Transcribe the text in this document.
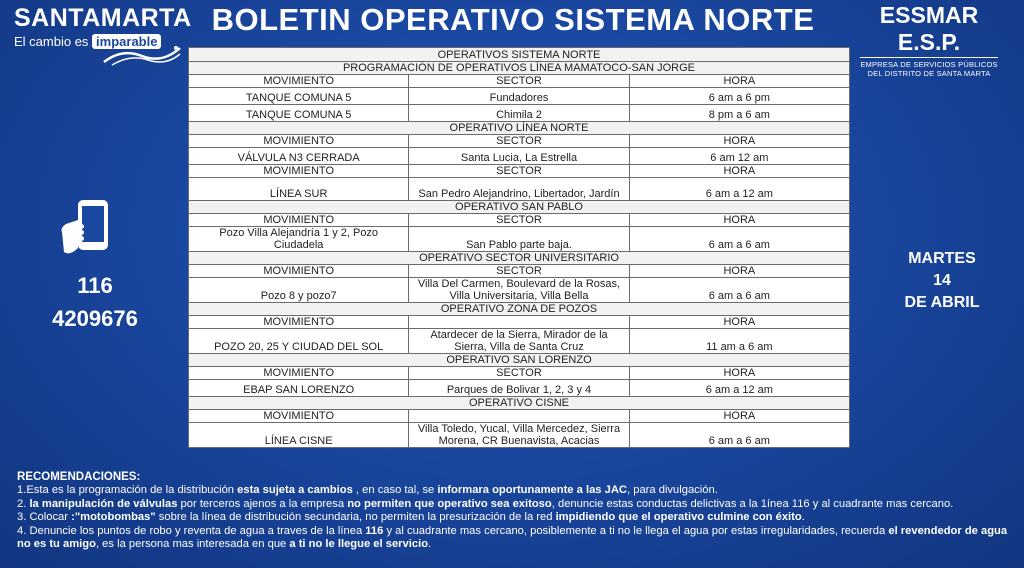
SANTAMARTA
El cambio es imparable
BOLETIN OPERATIVO SISTEMA NORTE	ESSMAR E.S.P.
EMPRESA DE SERVICIOS PÚBLICOS
DEL DISTRITO DE SANTA MARTA
116
4209676
MARTES
14
DE ABRIL
OPERATIVOS SISTEMA NORTE		
PROGRAMACIÓN DE OPERATIVOS LÍNEA MAMATOCO-SAN JORGE		
MOVIMIENTO	SECTOR	HORA
TANQUE COMUNA 5	Fundadores	6 am a 6 pm
TANQUE COMUNA 5	Chimila 2	8 pm a 6 am
OPERATIVO LÍNEA NORTE		
MOVIMIENTO	SECTOR	HORA
VÁLVULA N3 CERRADA	Santa Lucia, La Estrella	6 am 12 am
MOVIMIENTO	SECTOR	HORA
LÍNEA SUR	San Pedro Alejandrino, Libertador, Jardín	6 am a 12 am
OPERATIVO SAN PABLO		
MOVIMIENTO	SECTOR	HORA
Pozo Villa Alejandría 1 y 2, Pozo Ciudadela	San Pablo parte baja.	6 am a 6 am
OPERATIVO SECTOR UNIVERSITARIO		
MOVIMIENTO	SECTOR	HORA
Pozo 8 y pozo7	Villa Del Carmen, Boulevard de la Rosas, Villa Universitaria, Villa Bella	6 am a 6 am
OPERATIVO ZONA DE POZOS		
MOVIMIENTO		HORA
POZO 20, 25 Y CIUDAD DEL SOL	Atardecer de la Sierra, Mirador de la Sierra, Villa de Santa Cruz	11 am a 6 am
OPERATIVO SAN LORENZO		
MOVIMIENTO	SECTOR	HORA
EBAP SAN LORENZO	Parques de Bolivar 1, 2, 3 y 4	6 am a 12 am
OPERATIVO CISNE		
MOVIMIENTO		HORA
LÍNEA CISNE	Villa Toledo, Yucal, Villa Mercedez, Sierra Morena, CR Buenavista, Acacias	6 am a 6 am
RECOMENDACIONES:

1.Esta es la programación de la distribución esta sujeta a cambios , en caso tal, se informara oportunamente a las JAC, para divulgación.

2. la manipulación de válvulas por terceros ajenos a la empresa no permiten que operativo sea exitoso, denuncie estas conductas delictivas a la 1ínea 116 y al cuadrante mas cercano.

3. Colocar :"motobombas" sobre la línea de distribución secundaria, no permiten la presurización de la red impidiendo que el operativo culmine con éxito.

4. Denuncie los puntos de robo y reventa de agua a traves de la línea 116 y al cuadrante mas cercano, posiblemente a ti no le llega el agua por estas irregularidades, recuerda el revendedor de agua no es tu amigo, es la persona mas interesada en que a ti no le llegue el servicio.
